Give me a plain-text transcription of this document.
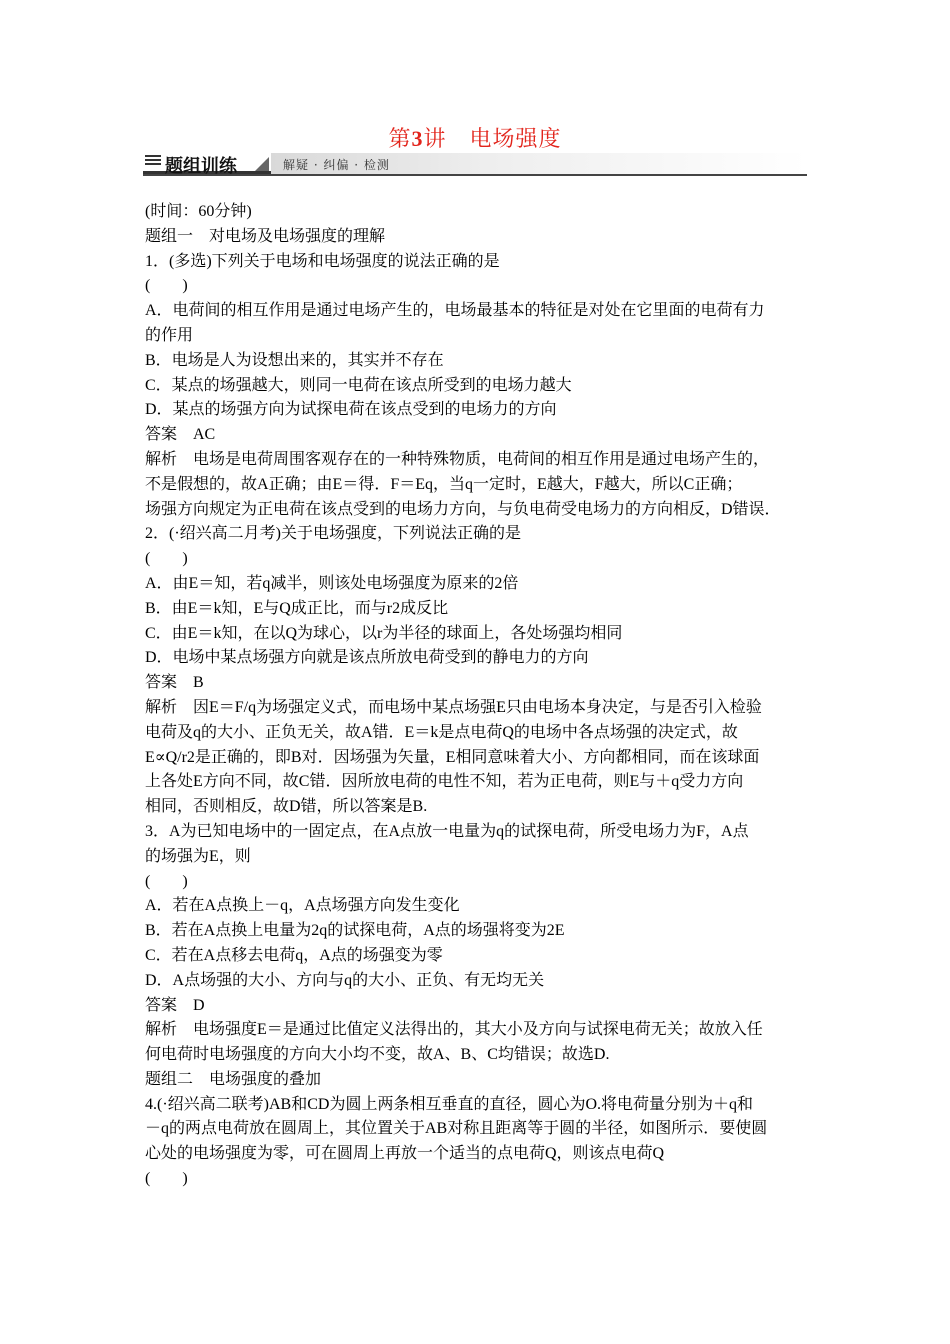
第3讲　电场强度
题组训练	解疑 · 纠偏 · 检测
(时间：60分钟)
题组一　对电场及电场强度的理解
1．(多选)下列关于电场和电场强度的说法正确的是
(　　)
A．电荷间的相互作用是通过电场产生的，电场最基本的特征是对处在它里面的电荷有力
的作用
B．电场是人为设想出来的，其实并不存在
C．某点的场强越大，则同一电荷在该点所受到的电场力越大
D．某点的场强方向为试探电荷在该点受到的电场力的方向
答案　AC
解析　电场是电荷周围客观存在的一种特殊物质，电荷间的相互作用是通过电场产生的，
不是假想的，故A正确；由E＝得．F＝Eq，当q一定时，E越大，F越大，所以C正确；
场强方向规定为正电荷在该点受到的电场力方向，与负电荷受电场力的方向相反，D错误．
2．(·绍兴高二月考)关于电场强度，下列说法正确的是
(　　)
A．由E＝知，若q减半，则该处电场强度为原来的2倍
B．由E＝k知，E与Q成正比，而与r2成反比
C．由E＝k知，在以Q为球心，以r为半径的球面上，各处场强均相同
D．电场中某点场强方向就是该点所放电荷受到的静电力的方向
答案　B
解析　因E＝F/q为场强定义式，而电场中某点场强E只由电场本身决定，与是否引入检验
电荷及q的大小、正负无关，故A错．E＝k是点电荷Q的电场中各点场强的决定式，故
E∝Q/r2是正确的，即B对．因场强为矢量，E相同意味着大小、方向都相同，而在该球面
上各处E方向不同，故C错．因所放电荷的电性不知，若为正电荷，则E与＋q受力方向
相同，否则相反，故D错，所以答案是B.
3．A为已知电场中的一固定点，在A点放一电量为q的试探电荷，所受电场力为F，A点
的场强为E，则
(　　)
A．若在A点换上－q，A点场强方向发生变化
B．若在A点换上电量为2q的试探电荷，A点的场强将变为2E
C．若在A点移去电荷q，A点的场强变为零
D．A点场强的大小、方向与q的大小、正负、有无均无关
答案　D
解析　电场强度E＝是通过比值定义法得出的，其大小及方向与试探电荷无关；故放入任
何电荷时电场强度的方向大小均不变，故A、B、C均错误；故选D.
题组二　电场强度的叠加
4.(·绍兴高二联考)AB和CD为圆上两条相互垂直的直径，圆心为O.将电荷量分别为＋q和
－q的两点电荷放在圆周上，其位置关于AB对称且距离等于圆的半径，如图所示．要使圆
心处的电场强度为零，可在圆周上再放一个适当的点电荷Q，则该点电荷Q
(　　)
